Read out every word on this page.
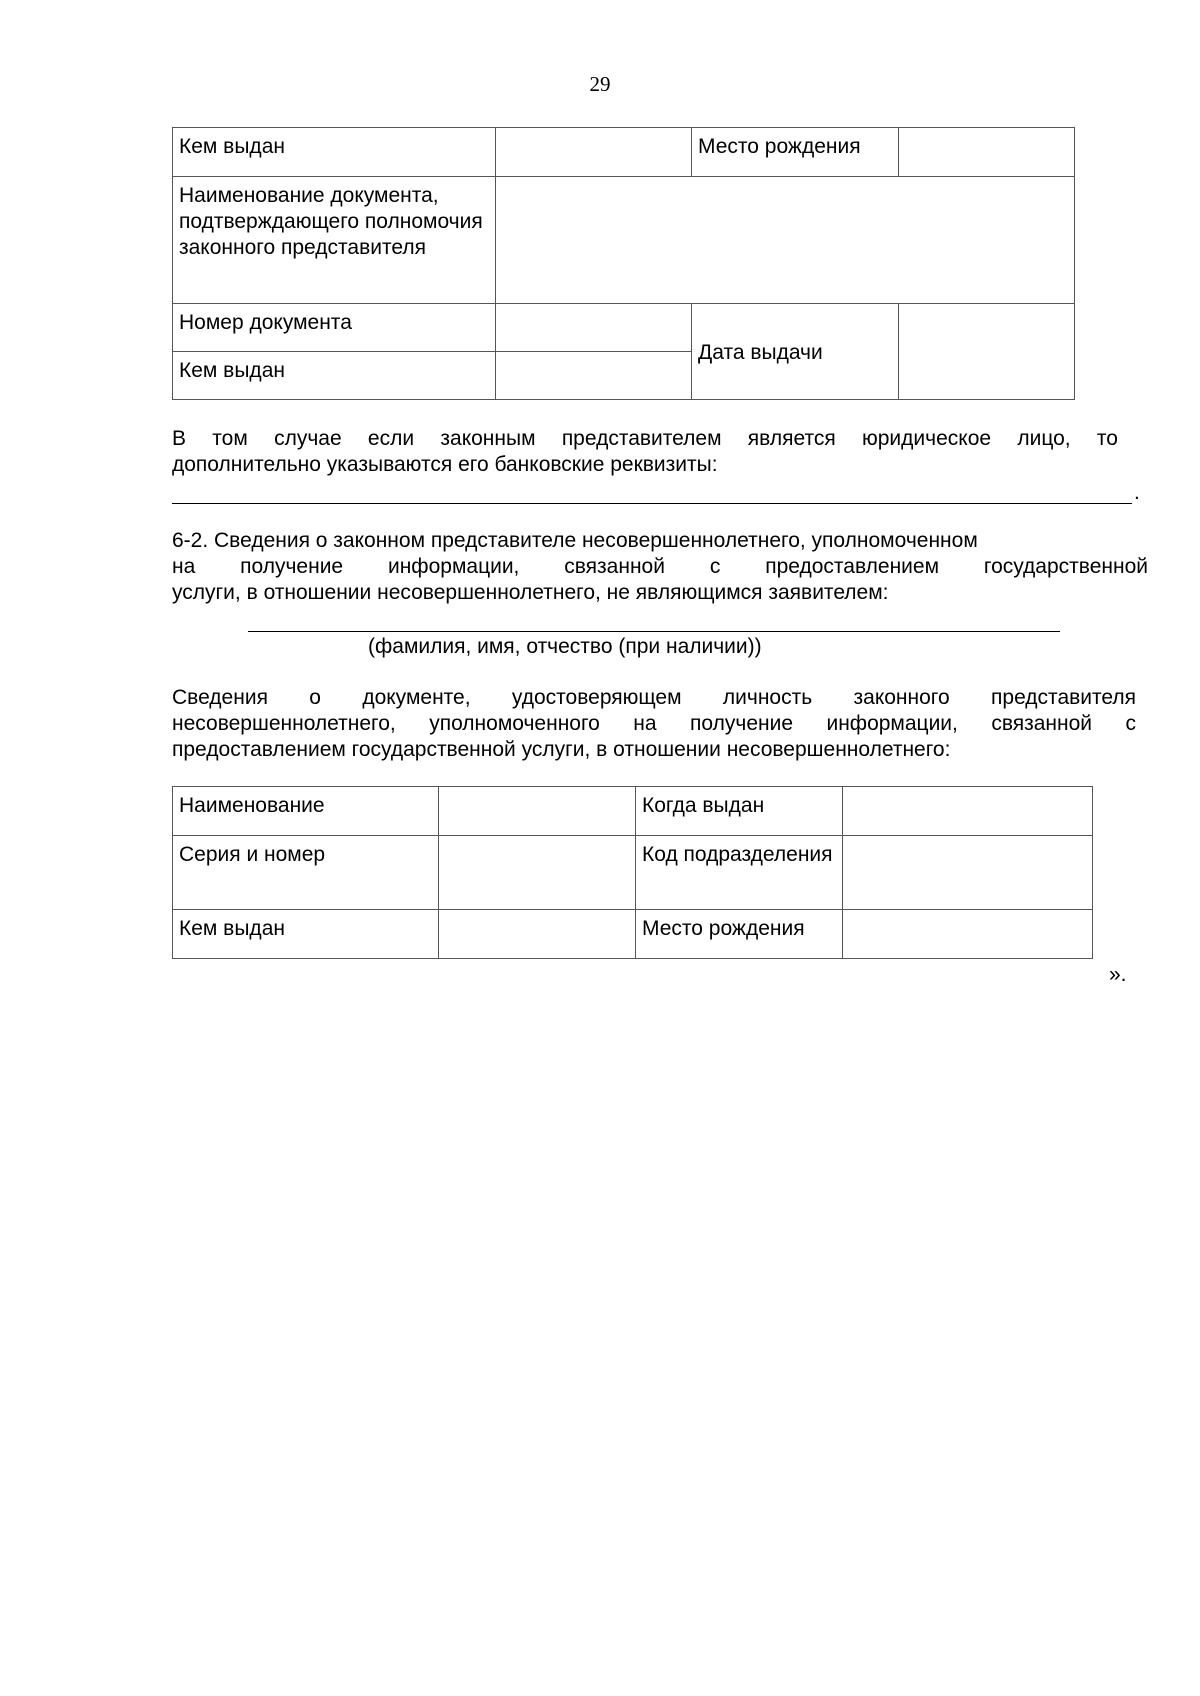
29
Кем выдан		Место рождения	
Наименование документа, подтверждающего полномочия законного представителя			
Номер документа		Дата выдачи	
Кем выдан			
В том случае если законным представителем является юридическое лицо, то
дополнительно указываются его банковские реквизиты:
.
6-2. Сведения о законном представителе несовершеннолетнего, уполномоченном
на получение информации, связанной с предоставлением государственной
услуги, в отношении несовершеннолетнего, не являющимся заявителем:
(фамилия, имя, отчество (при наличии))
Сведения о документе, удостоверяющем личность законного представителя
несовершеннолетнего, уполномоченного на получение информации, связанной с
предоставлением государственной услуги, в отношении несовершеннолетнего:
Наименование		Когда выдан	
Серия и номер		Код подразделения	
Кем выдан		Место рождения	
».
